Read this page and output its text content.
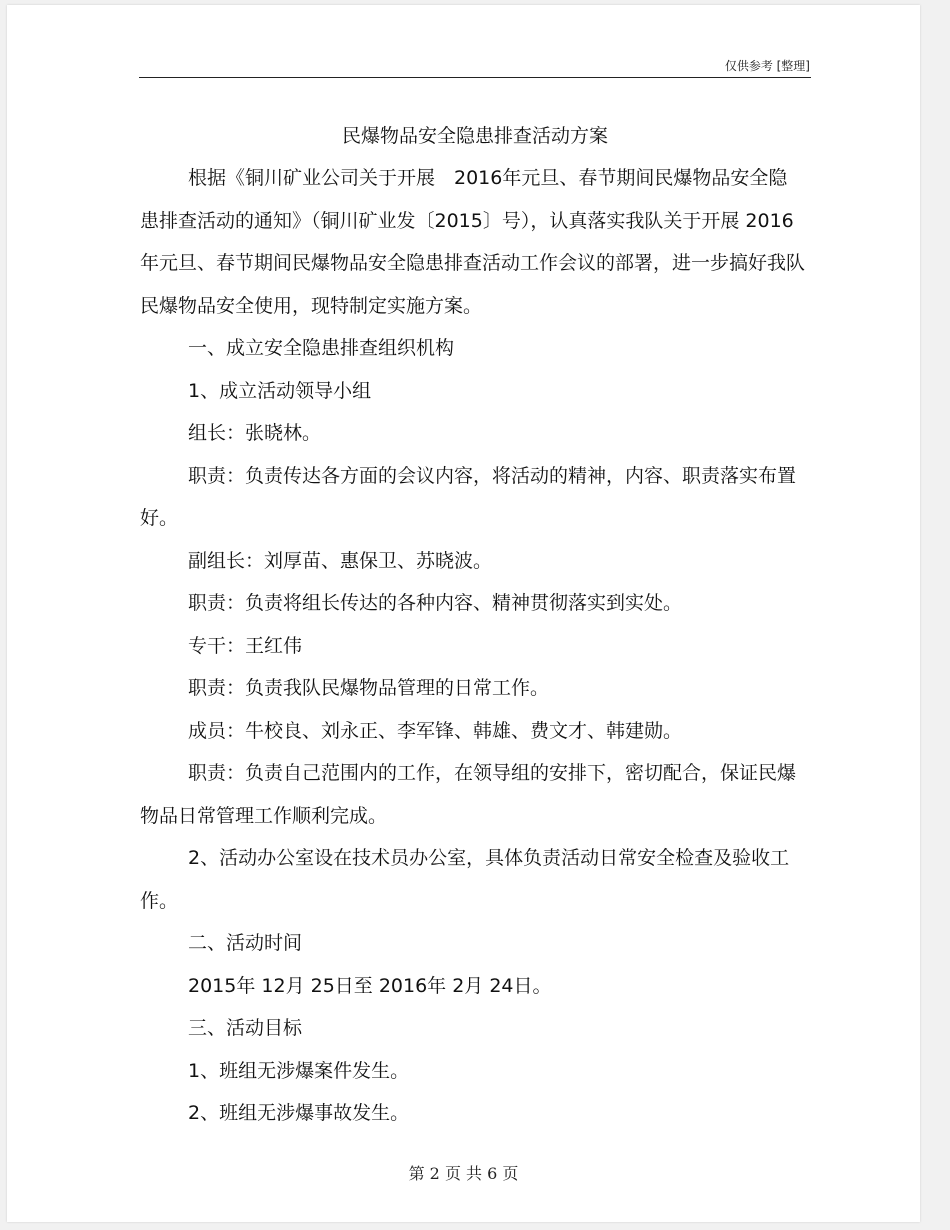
仅供参考 [整理]
民爆物品安全隐患排查活动方案

根据《铜川矿业公司关于开展　2016年元旦、春节期间民爆物品安全隐患排查活动的通知》（铜川矿业发〔2015〕号），认真落实我队关于开展 2016年元旦、春节期间民爆物品安全隐患排查活动工作会议的部署，进一步搞好我队民爆物品安全使用，现特制定实施方案。

一、成立安全隐患排查组织机构

1、成立活动领导小组

组长：张晓林。

职责：负责传达各方面的会议内容，将活动的精神，内容、职责落实布置好。

副组长：刘厚苗、惠保卫、苏晓波。

职责：负责将组长传达的各种内容、精神贯彻落实到实处。

专干：王红伟

职责：负责我队民爆物品管理的日常工作。

成员：牛校良、刘永正、李军锋、韩雄、费文才、韩建勋。

职责：负责自己范围内的工作，在领导组的安排下，密切配合，保证民爆物品日常管理工作顺利完成。

2、活动办公室设在技术员办公室，具体负责活动日常安全检查及验收工作。

二、活动时间

2015年 12月 25日至 2016年 2月 24日。

三、活动目标

1、班组无涉爆案件发生。

2、班组无涉爆事故发生。

第 2 页 共 6 页
